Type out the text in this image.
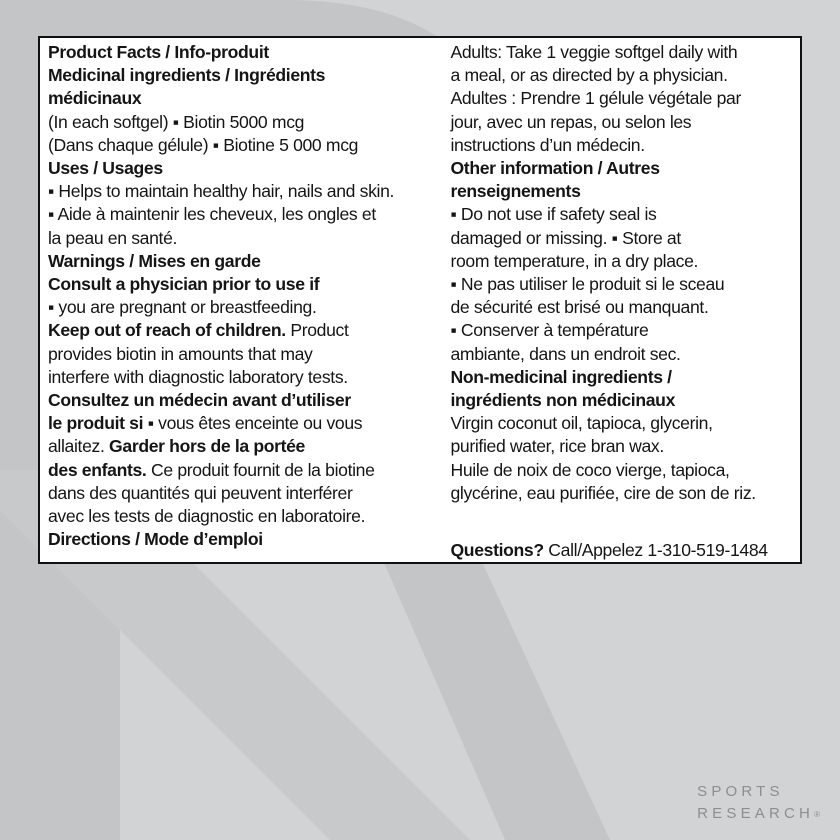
Product Facts / Info-produit
Medicinal ingredients / Ingrédients
médicinaux
(In each softgel) ▪ Biotin 5000 mcg
(Dans chaque gélule) ▪ Biotine 5 000 mcg
Uses / Usages
▪ Helps to maintain healthy hair, nails and skin.
▪ Aide à maintenir les cheveux, les ongles et
la peau en santé.
Warnings / Mises en garde
Consult a physician prior to use if
▪ you are pregnant or breastfeeding.
Keep out of reach of children. Product
provides biotin in amounts that may
interfere with diagnostic laboratory tests.
Consultez un médecin avant d’utiliser
le produit si ▪ vous êtes enceinte ou vous
allaitez. Garder hors de la portée
des enfants. Ce produit fournit de la biotine
dans des quantités qui peuvent interférer
avec les tests de diagnostic en laboratoire.
Directions / Mode d’emploi
Adults: Take 1 veggie softgel daily with
a meal, or as directed by a physician.
Adultes : Prendre 1 gélule végétale par
jour, avec un repas, ou selon les
instructions d’un médecin.
Other information / Autres
renseignements
▪ Do not use if safety seal is
damaged or missing. ▪ Store at
room temperature, in a dry place.
▪ Ne pas utiliser le produit si le sceau
de sécurité est brisé ou manquant.
▪ Conserver à température
ambiante, dans un endroit sec.
Non-medicinal ingredients /
ingrédients non médicinaux
Virgin coconut oil, tapioca, glycerin,
purified water, rice bran wax.
Huile de noix de coco vierge, tapioca,
glycérine, eau purifiée, cire de son de riz.
Questions? Call/Appelez 1-310-519-1484
SPORTS
RESEARCH®
